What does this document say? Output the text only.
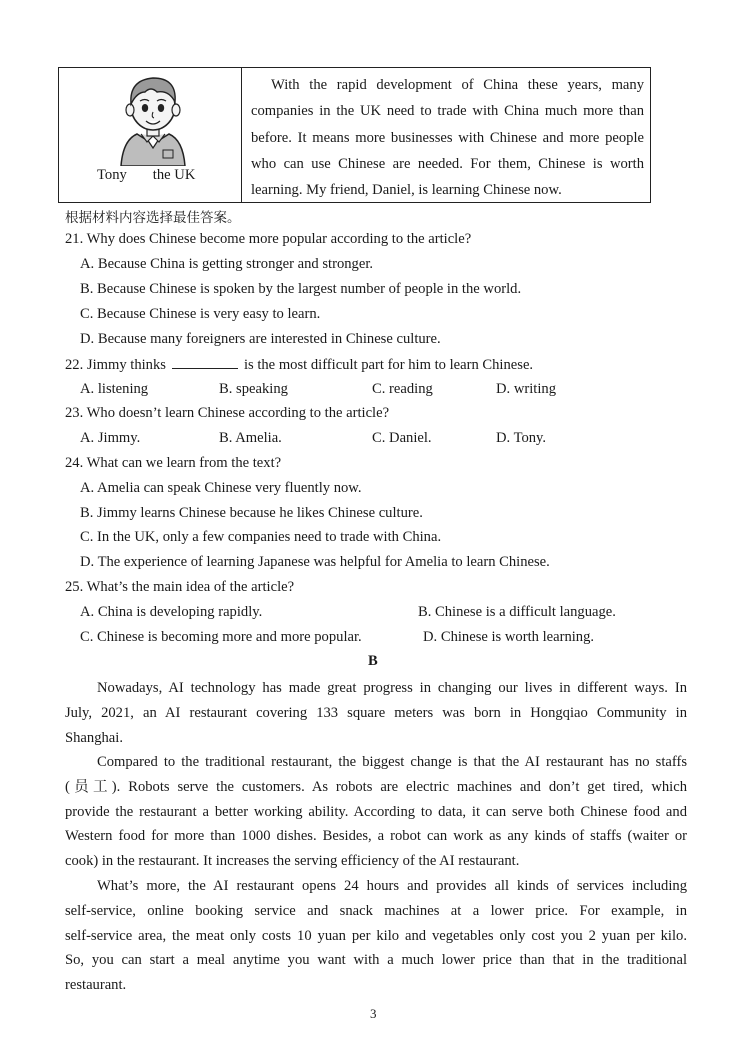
Tony the UK
With the rapid development of China these years, many
companies in the UK need to trade with China much more than
before. It means more businesses with Chinese and more people
who can use Chinese are needed. For them, Chinese is worth
learning. My friend, Daniel, is learning Chinese now.
根据材料内容选择最佳答案。
21. Why does Chinese become more popular according to the article?
A. Because China is getting stronger and stronger.
B. Because Chinese is spoken by the largest number of people in the world.
C. Because Chinese is very easy to learn.
D. Because many foreigners are interested in Chinese culture.
22. Jimmy thinks	is the most difficult part for him to learn Chinese.
A. listening	B. speaking	C. reading	D. writing
23. Who doesn’t learn Chinese according to the article?
A. Jimmy.	B. Amelia.	C. Daniel.	D. Tony.
24. What can we learn from the text?
A. Amelia can speak Chinese very fluently now.
B. Jimmy learns Chinese because he likes Chinese culture.
C. In the UK, only a few companies need to trade with China.
D. The experience of learning Japanese was helpful for Amelia to learn Chinese.
25. What’s the main idea of the article?
A. China is developing rapidly.	B. Chinese is a difficult language.
C. Chinese is becoming more and more popular.	D. Chinese is worth learning.
B
Nowadays, AI technology has made great progress in changing our lives in different ways. In
July, 2021, an AI restaurant covering 133 square meters was born in Hongqiao Community in
Shanghai.
Compared to the traditional restaurant, the biggest change is that the AI restaurant has no staffs
(员工). Robots serve the customers. As robots are electric machines and don’t get tired, which
provide the restaurant a better working ability. According to data, it can serve both Chinese food and
Western food for more than 1000 dishes. Besides, a robot can work as any kinds of staffs (waiter or
cook) in the restaurant. It increases the serving efficiency of the AI restaurant.
What’s more, the AI restaurant opens 24 hours and provides all kinds of services including
self-service, online booking service and snack machines at a lower price. For example, in
self-service area, the meat only costs 10 yuan per kilo and vegetables only cost you 2 yuan per kilo.
So, you can start a meal anytime you want with a much lower price than that in the traditional
restaurant.
3
